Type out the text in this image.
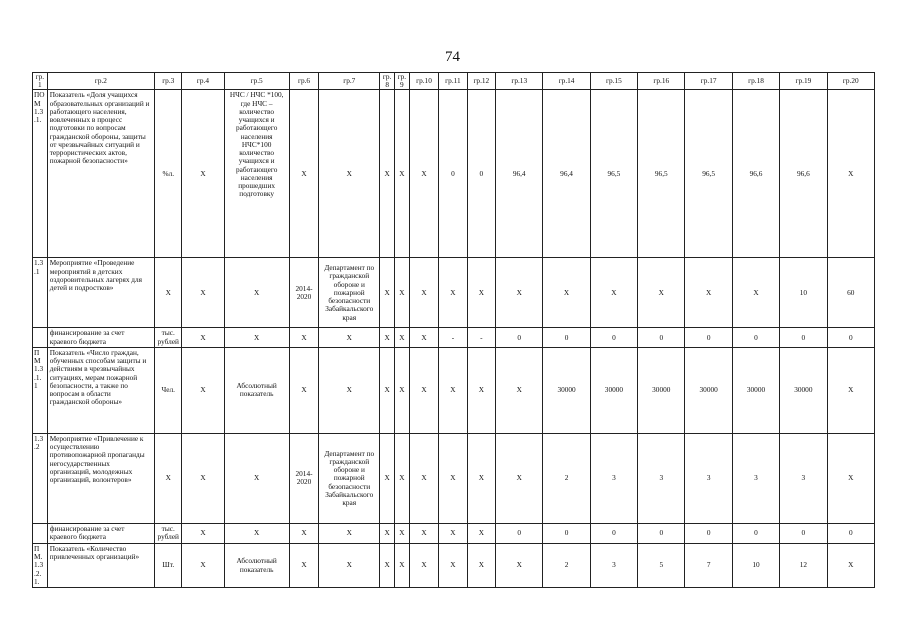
74
гр.1	гр.2	гр.3	гр.4	гр.5	гр.6	гр.7	гр.8	гр.9	гр.10	гр.11	гр.12	гр.13	гр.14	гр.15	гр.16	гр.17	гр.18	гр.19	гр.20
ПОМ 1.3.1.	Показатель «Доля учащихся образовательных организаций и работающего населения, вовлеченных в процесс подготовки по вопросам гражданской обороны, защиты от чрезвычайных ситуаций и террористических актов, пожарной безопасности»	%л.	Х	НЧС / НЧС *100, где НЧС – количество учащихся и работающего населения НЧС*100 количество учащихся и работающего населения прошедших подготовку	Х	Х	Х	Х	Х	0	0	96,4	96,4	96,5	96,5	96,5	96,6	96,6	Х
1.3.1	Мероприятие «Проведение мероприятий в детских оздоровительных лагерях для детей и подростков»	Х	Х	Х	2014-2020	Департамент по гражданской обороне и пожарной безопасности Забайкальского края	Х	Х	Х	Х	Х	Х	Х	Х	Х	Х	Х	10	60
	финансирование за счет краевого бюджета	тыс. рублей	Х	Х	Х	Х	Х	Х	Х	-	-	0	0	0	0	0	0	0	0
ПМ 1.3.1. 1	Показатель «Число граждан, обученных способам защиты и действиям в чрезвычайных ситуациях, мерам пожарной безопасности, а также по вопросам в области гражданской обороны»	Чел.	Х	Абсолютный показатель	Х	Х	Х	Х	Х	Х	Х	Х	30000	30000	30000	30000	30000	30000	Х
1.3.2	Мероприятие «Привлечение к осуществлению противопожарной пропаганды негосударственных организаций, молодежных организаций, волонтеров»	Х	Х	Х	2014-2020	Департамент по гражданской обороне и пожарной безопасности Забайкальского края	Х	Х	Х	Х	Х	Х	2	3	3	3	3	3	Х
	финансирование за счет краевого бюджета	тыс. рублей	Х	Х	Х	Х	Х	Х	Х	Х	Х	0	0	0	0	0	0	0	0
ПМ. 1.3.2. 1.	Показатель «Количество привлеченных организаций»	Шт.	Х	Абсолютный показатель	Х	Х	Х	Х	Х	Х	Х	Х	2	3	5	7	10	12	Х
